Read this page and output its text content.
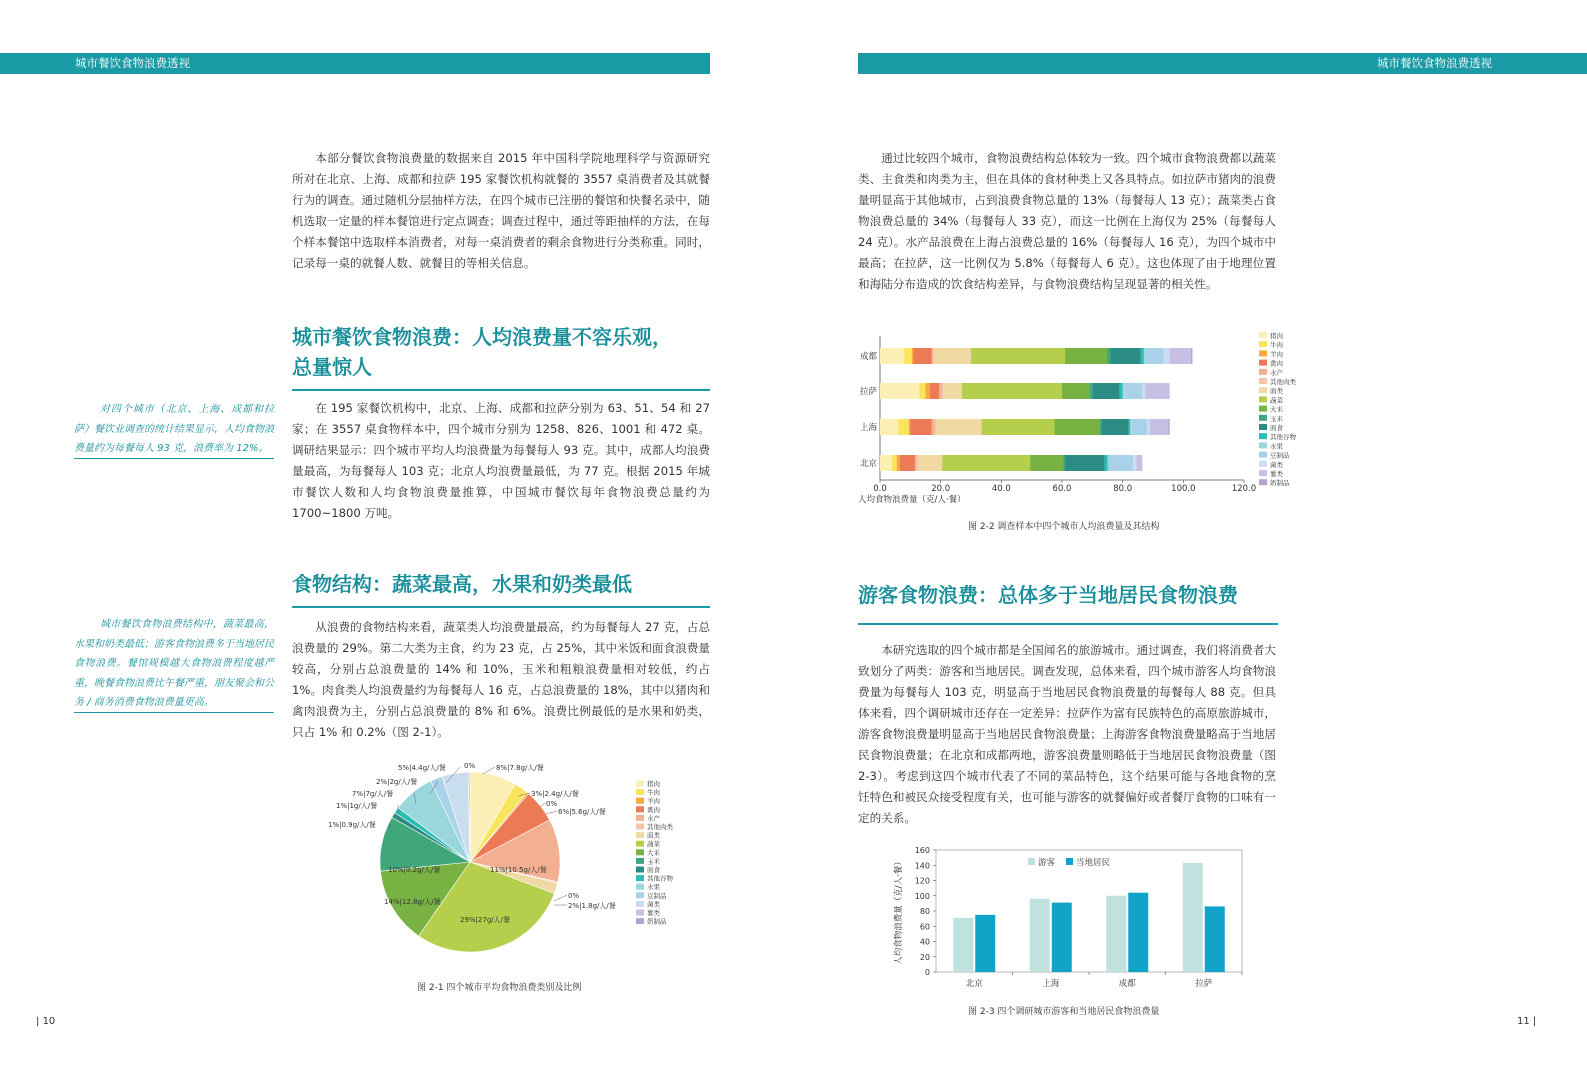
城市餐饮食物浪费透视	城市餐饮食物浪费透视

本部分餐饮食物浪费量的数据来自 2015 年中国科学院地理科学与资源研究所对在北京、上海、成都和拉萨 195 家餐饮机构就餐的 3557 桌消费者及其就餐行为的调查。通过随机分层抽样方法，在四个城市已注册的餐馆和快餐名录中，随机选取一定量的样本餐馆进行定点调查；调查过程中，通过等距抽样的方法，在每个样本餐馆中选取样本消费者，对每一桌消费者的剩余食物进行分类称重。同时，记录每一桌的就餐人数、就餐目的等相关信息。

城市餐饮食物浪费：人均浪费量不容乐观，
总量惊人

对四个城市（北京、上海、成都和拉萨）餐饮业调查的统计结果显示，人均食物浪费量约为每餐每人 93 克，浪费率为 12%。

在 195 家餐饮机构中，北京、上海、成都和拉萨分别为 63、51、54 和 27 家；在 3557 桌食物样本中，四个城市分别为 1258、826、1001 和 472 桌。调研结果显示：四个城市平均人均浪费量为每餐每人 93 克。其中，成都人均浪费量最高，为每餐每人 103 克；北京人均浪费量最低，为 77 克。根据 2015 年城市餐饮人数和人均食物浪费量推算，中国城市餐饮每年食物浪费总量约为 1700~1800 万吨。

食物结构：蔬菜最高，水果和奶类最低

城市餐饮食物浪费结构中，蔬菜最高，水果和奶类最低；游客食物浪费多于当地居民食物浪费。餐馆规模越大食物浪费程度越严重，晚餐食物浪费比午餐严重，朋友聚会和公务 / 商务消费食物浪费量更高。

从浪费的食物结构来看，蔬菜类人均浪费量最高，约为每餐每人 27 克，占总浪费量的 29%。第二大类为主食，约为 23 克，占 25%，其中米饭和面食浪费量较高，分别占总浪费量的 14% 和 10%，玉米和粗粮浪费量相对较低，约占 1%。肉食类人均浪费量约为每餐每人 16 克，占总浪费量的 18%，其中以猪肉和禽肉浪费为主，分别占总浪费量的 8% 和 6%。浪费比例最低的是水果和奶类，只占 1% 和 0.2%（图 2-1）。

8%|7.8g/人/餐
3%|2.4g/人/餐
0%
6%|5.6g/人/餐
11%|10.5g/人/餐
0%
2%|1.8g/人/餐
29%|27g/人/餐
14%|12.8g/人/餐
10%|9.2g/人/餐
1%|0.9g/人/餐
1%|1g/人/餐
7%|7g/人/餐
2%|2g/人/餐
5%|4.4g/人/餐	0%
猪肉
牛肉
羊肉
禽肉
水产
其他肉类
面类
蔬菜
大米
玉米
面食
其他谷物
水果
豆制品
菌类
薯类
奶制品
图 2-1 四个城市平均食物浪费类别及比例
| 10

通过比较四个城市，食物浪费结构总体较为一致。四个城市食物浪费都以蔬菜类、主食类和肉类为主，但在具体的食材种类上又各具特点。如拉萨市猪肉的浪费量明显高于其他城市，占到浪费食物总量的 13%（每餐每人 13 克）；蔬菜类占食物浪费总量的 34%（每餐每人 33 克），而这一比例在上海仅为 25%（每餐每人 24 克）。水产品浪费在上海占浪费总量的 16%（每餐每人 16 克），为四个城市中最高；在拉萨，这一比例仅为 5.8%（每餐每人 6 克）。这也体现了由于地理位置和海陆分布造成的饮食结构差异，与食物浪费结构呈现显著的相关性。

0.0	20.0	40.0	60.0	80.0	100.0	120.0
人均食物浪费量（克/人·餐）
成都
拉萨
上海
北京
猪肉
牛肉
羊肉
禽肉
水产
其他肉类
面类
蔬菜
大米
玉米
面食
其他谷物
水果
豆制品
菌类
薯类
奶制品
图 2-2 调查样本中四个城市人均浪费量及其结构
游客食物浪费：总体多于当地居民食物浪费

本研究选取的四个城市都是全国闻名的旅游城市。通过调查，我们将消费者大致划分了两类：游客和当地居民。调查发现，总体来看，四个城市游客人均食物浪费量为每餐每人 103 克，明显高于当地居民食物浪费量的每餐每人 88 克。但具体来看，四个调研城市还存在一定差异：拉萨作为富有民族特色的高原旅游城市，游客食物浪费量明显高于当地居民食物浪费量；上海游客食物浪费量略高于当地居民食物浪费量；在北京和成都两地，游客浪费量则略低于当地居民食物浪费量（图 2-3）。考虑到这四个城市代表了不同的菜品特色，这个结果可能与各地食物的烹饪特色和被民众接受程度有关，也可能与游客的就餐偏好或者餐厅食物的口味有一定的关系。

0
20
40
60
80
100
120
140
160
人均食物浪费量（克/人·餐）
北京	上海	成都	拉萨
游客 当地居民
图 2-3 四个调研城市游客和当地居民食物浪费量
11 |
